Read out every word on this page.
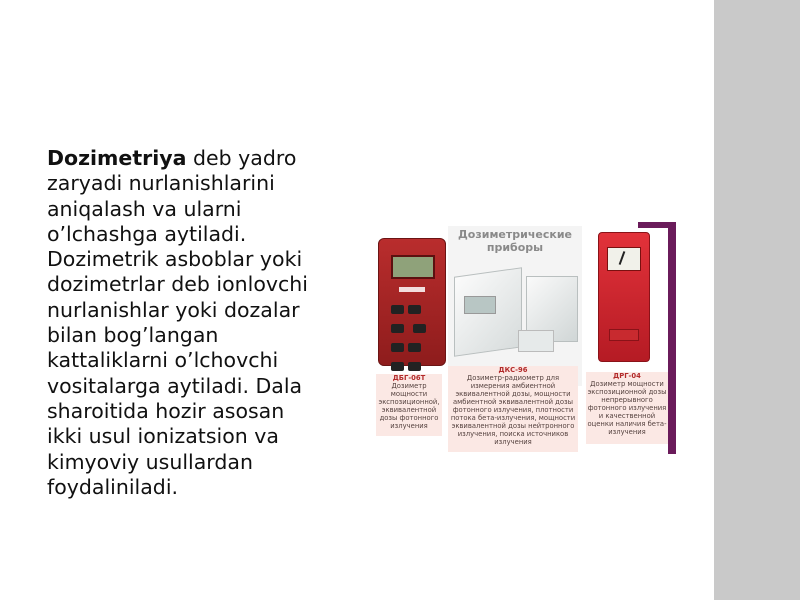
Dozimetriya deb yadro
zaryadi nurlanishlarini
aniqalash va ularni
o’lchashga aytiladi.
Dozimetrik asboblar yoki
dozimetrlar deb ionlovchi
nurlanishlar yoki dozalar
bilan bog’langan
kattaliklarni o’lchovchi
vositalarga aytiladi. Dala
sharoitida hozir asosan
ikki usul ionizatsion va
kimyoviy usullardan
foydaliniladi.

Дозиметрические
приборы
ДБГ-06Т
Дозиметр мощности экспозиционной, эквивалентной дозы фотонного излучения
ДКС-96
Дозиметр-радиометр для измерения амбиентной эквивалентной дозы, мощности амбиентной эквивалентной дозы фотонного излучения, плотности потока бета-излучения, мощности эквивалентной дозы нейтронного излучения, поиска источников излучения
ДРГ-04
Дозиметр мощности экспозиционной дозы непрерывного фотонного излучения и качественной оценки наличия бета-излучения
